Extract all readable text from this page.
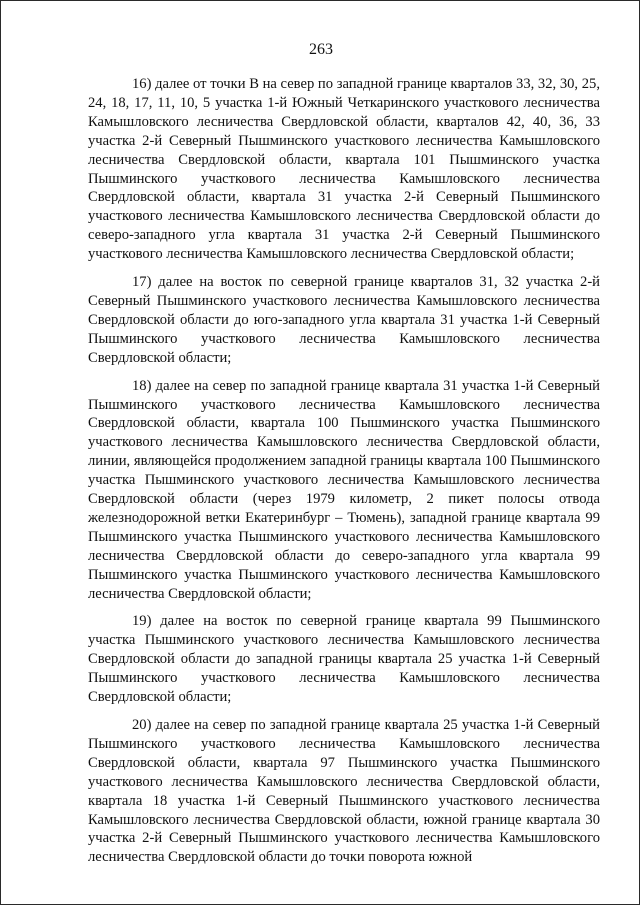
263

16) далее от точки В на север по западной границе кварталов 33, 32, 30, 25, 24, 18, 17, 11, 10, 5 участка 1-й Южный Четкаринского участкового лесничества Камышловского лесничества Свердловской области, кварталов 42, 40, 36, 33 участка 2-й Северный Пышминского участкового лесничества Камышловского лесничества Свердловской области, квартала 101 Пышминского участка Пышминского участкового лесничества Камышловского лесничества Свердловской области, квартала 31 участка 2-й Северный Пышминского участкового лесничества Камышловского лесничества Свердловской области до северо-западного угла квартала 31 участка 2-й Северный Пышминского участкового лесничества Камышловского лесничества Свердловской области;

17) далее на восток по северной границе кварталов 31, 32 участка 2-й Северный Пышминского участкового лесничества Камышловского лесничества Свердловской области до юго-западного угла квартала 31 участка 1-й Северный Пышминского участкового лесничества Камышловского лесничества Свердловской области;

18) далее на север по западной границе квартала 31 участка 1-й Северный Пышминского участкового лесничества Камышловского лесничества Свердловской области, квартала 100 Пышминского участка Пышминского участкового лесничества Камышловского лесничества Свердловской области, линии, являющейся продолжением западной границы квартала 100 Пышминского участка Пышминского участкового лесничества Камышловского лесничества Свердловской области (через 1979 километр, 2 пикет полосы отвода железнодорожной ветки Екатеринбург – Тюмень), западной границе квартала 99 Пышминского участка Пышминского участкового лесничества Камышловского лесничества Свердловской области до северо-западного угла квартала 99 Пышминского участка Пышминского участкового лесничества Камышловского лесничества Свердловской области;

19) далее на восток по северной границе квартала 99 Пышминского участка Пышминского участкового лесничества Камышловского лесничества Свердловской области до западной границы квартала 25 участка 1-й Северный Пышминского участкового лесничества Камышловского лесничества Свердловской области;

20) далее на север по западной границе квартала 25 участка 1-й Северный Пышминского участкового лесничества Камышловского лесничества Свердловской области, квартала 97 Пышминского участка Пышминского участкового лесничества Камышловского лесничества Свердловской области, квартала 18 участка 1-й Северный Пышминского участкового лесничества Камышловского лесничества Свердловской области, южной границе квартала 30 участка 2-й Северный Пышминского участкового лесничества Камышловского лесничества Свердловской области до точки поворота южной
